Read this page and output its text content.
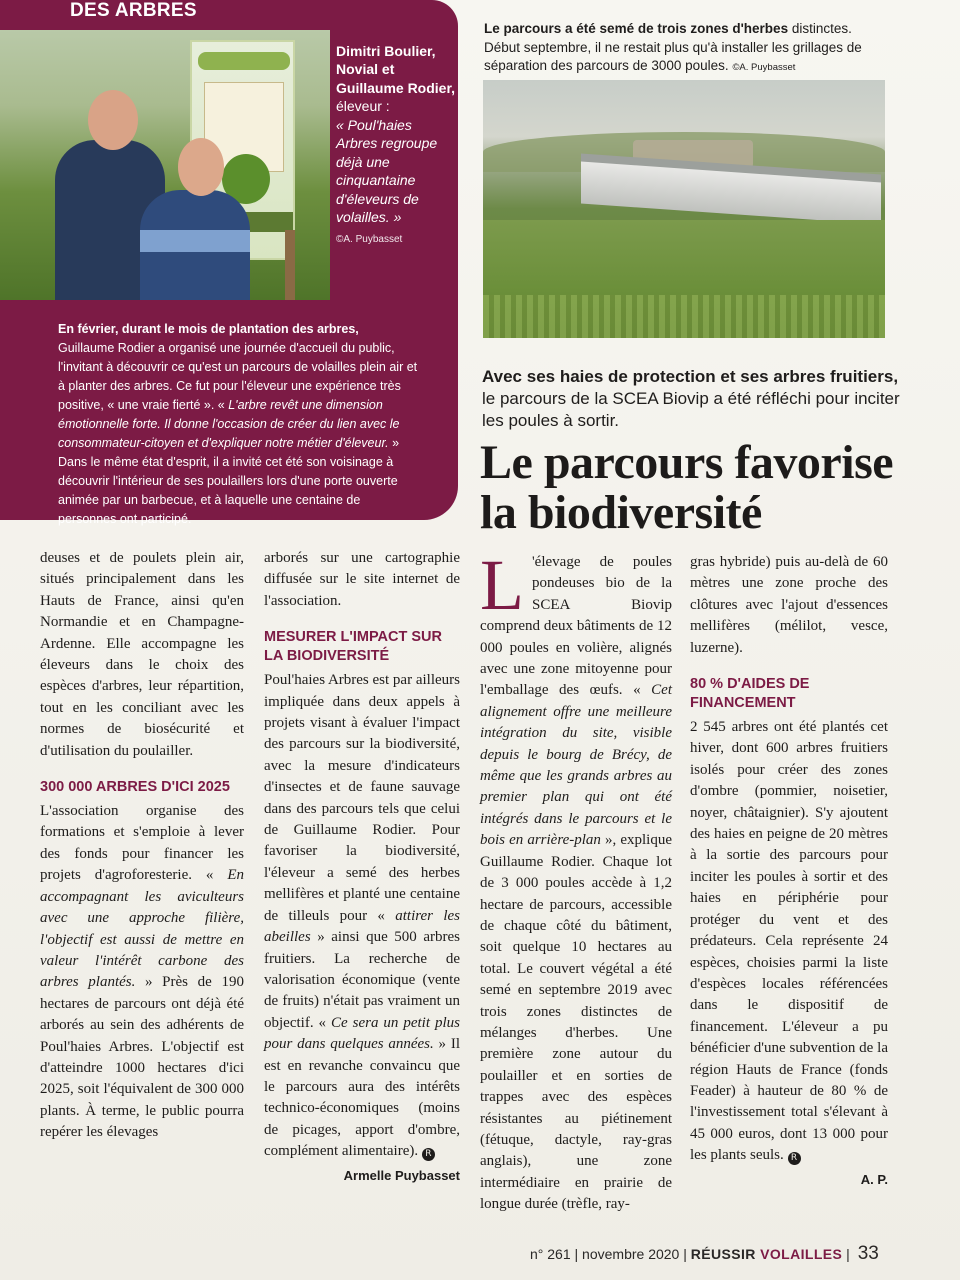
DES ARBRES
Dimitri Boulier, Novial et Guillaume Rodier,
éleveur :
« Poul'haies Arbres regroupe déjà une cinquantaine d'éleveurs de volailles. »
©A. Puybasset
En février, durant le mois de plantation des arbres, Guillaume Rodier a organisé une journée d'accueil du public, l'invitant à découvrir ce qu'est un parcours de volailles plein air et à planter des arbres. Ce fut pour l'éleveur une expérience très positive, « une vraie fierté ». « L'arbre revêt une dimension émotionnelle forte. Il donne l'occasion de créer du lien avec le consommateur-citoyen et d'expliquer notre métier d'éleveur. » Dans le même état d'esprit, il a invité cet été son voisinage à découvrir l'intérieur de ses poulaillers lors d'une porte ouverte animée par un barbecue, et à laquelle une centaine de personnes ont participé.
Le parcours a été semé de trois zones d'herbes distinctes. Début septembre, il ne restait plus qu'à installer les grillages de séparation des parcours de 3000 poules. ©A. Puybasset
Avec ses haies de protection et ses arbres fruitiers, le parcours de la SCEA Biovip a été réfléchi pour inciter les poules à sortir.
Le parcours favorise la biodiversité

deuses et de poulets plein air, situés principalement dans les Hauts de France, ainsi qu'en Normandie et en Champagne-Ardenne. Elle accompagne les éleveurs dans le choix des espèces d'arbres, leur répartition, tout en les conciliant avec les normes de biosécurité et d'utilisation du poulailler.

300 000 ARBRES D'ICI 2025

L'association organise des formations et s'emploie à lever des fonds pour financer les projets d'agroforesterie. « En accompagnant les aviculteurs avec une approche filière, l'objectif est aussi de mettre en valeur l'intérêt carbone des arbres plantés. » Près de 190 hectares de parcours ont déjà été arborés au sein des adhérents de Poul'haies Arbres. L'objectif est d'atteindre 1000 hectares d'ici 2025, soit l'équivalent de 300 000 plants. À terme, le public pourra repérer les élevages

arborés sur une cartographie diffusée sur le site internet de l'association.

MESURER L'IMPACT SUR LA BIODIVERSITÉ

Poul'haies Arbres est par ailleurs impliquée dans deux appels à projets visant à évaluer l'impact des parcours sur la biodiversité, avec la mesure d'indicateurs d'insectes et de faune sauvage dans des parcours tels que celui de Guillaume Rodier. Pour favoriser la biodiversité, l'éleveur a semé des herbes mellifères et planté une centaine de tilleuls pour « attirer les abeilles » ainsi que 500 arbres fruitiers. La recherche de valorisation économique (vente de fruits) n'était pas vraiment un objectif. « Ce sera un petit plus pour dans quelques années. » Il est en revanche convaincu que le parcours aura des intérêts technico-économiques (moins de picages, apport d'ombre, complément alimentaire). R

Armelle Puybasset

L 'élevage de poules pondeuses bio de la SCEA Biovip comprend deux bâtiments de 12 000 poules en volière, alignés avec une zone mitoyenne pour l'emballage des œufs. « Cet alignement offre une meilleure intégration du site, visible depuis le bourg de Brécy, de même que les grands arbres au premier plan qui ont été intégrés dans le parcours et le bois en arrière-plan », explique Guillaume Rodier. Chaque lot de 3 000 poules accède à 1,2 hectare de parcours, accessible de chaque côté du bâtiment, soit quelque 10 hectares au total. Le couvert végétal a été semé en septembre 2019 avec trois zones distinctes de mélanges d'herbes. Une première zone autour du poulailler et en sorties de trappes avec des espèces résistantes au piétinement (fétuque, dactyle, ray-gras anglais), une zone intermédiaire en prairie de longue durée (trèfle, ray-

gras hybride) puis au-delà de 60 mètres une zone proche des clôtures avec l'ajout d'essences mellifères (mélilot, vesce, luzerne).

80 % D'AIDES DE FINANCEMENT

2 545 arbres ont été plantés cet hiver, dont 600 arbres fruitiers isolés pour créer des zones d'ombre (pommier, noisetier, noyer, châtaignier). S'y ajoutent des haies en peigne de 20 mètres à la sortie des parcours pour inciter les poules à sortir et des haies en périphérie pour protéger du vent et des prédateurs. Cela représente 24 espèces, choisies parmi la liste d'espèces locales référencées dans le dispositif de financement. L'éleveur a pu bénéficier d'une subvention de la région Hauts de France (fonds Feader) à hauteur de 80 % de l'investissement total s'élevant à 45 000 euros, dont 13 000 pour les plants seuls. R

A. P.
n° 261 | novembre 2020 | RÉUSSIR VOLAILLES | 33
